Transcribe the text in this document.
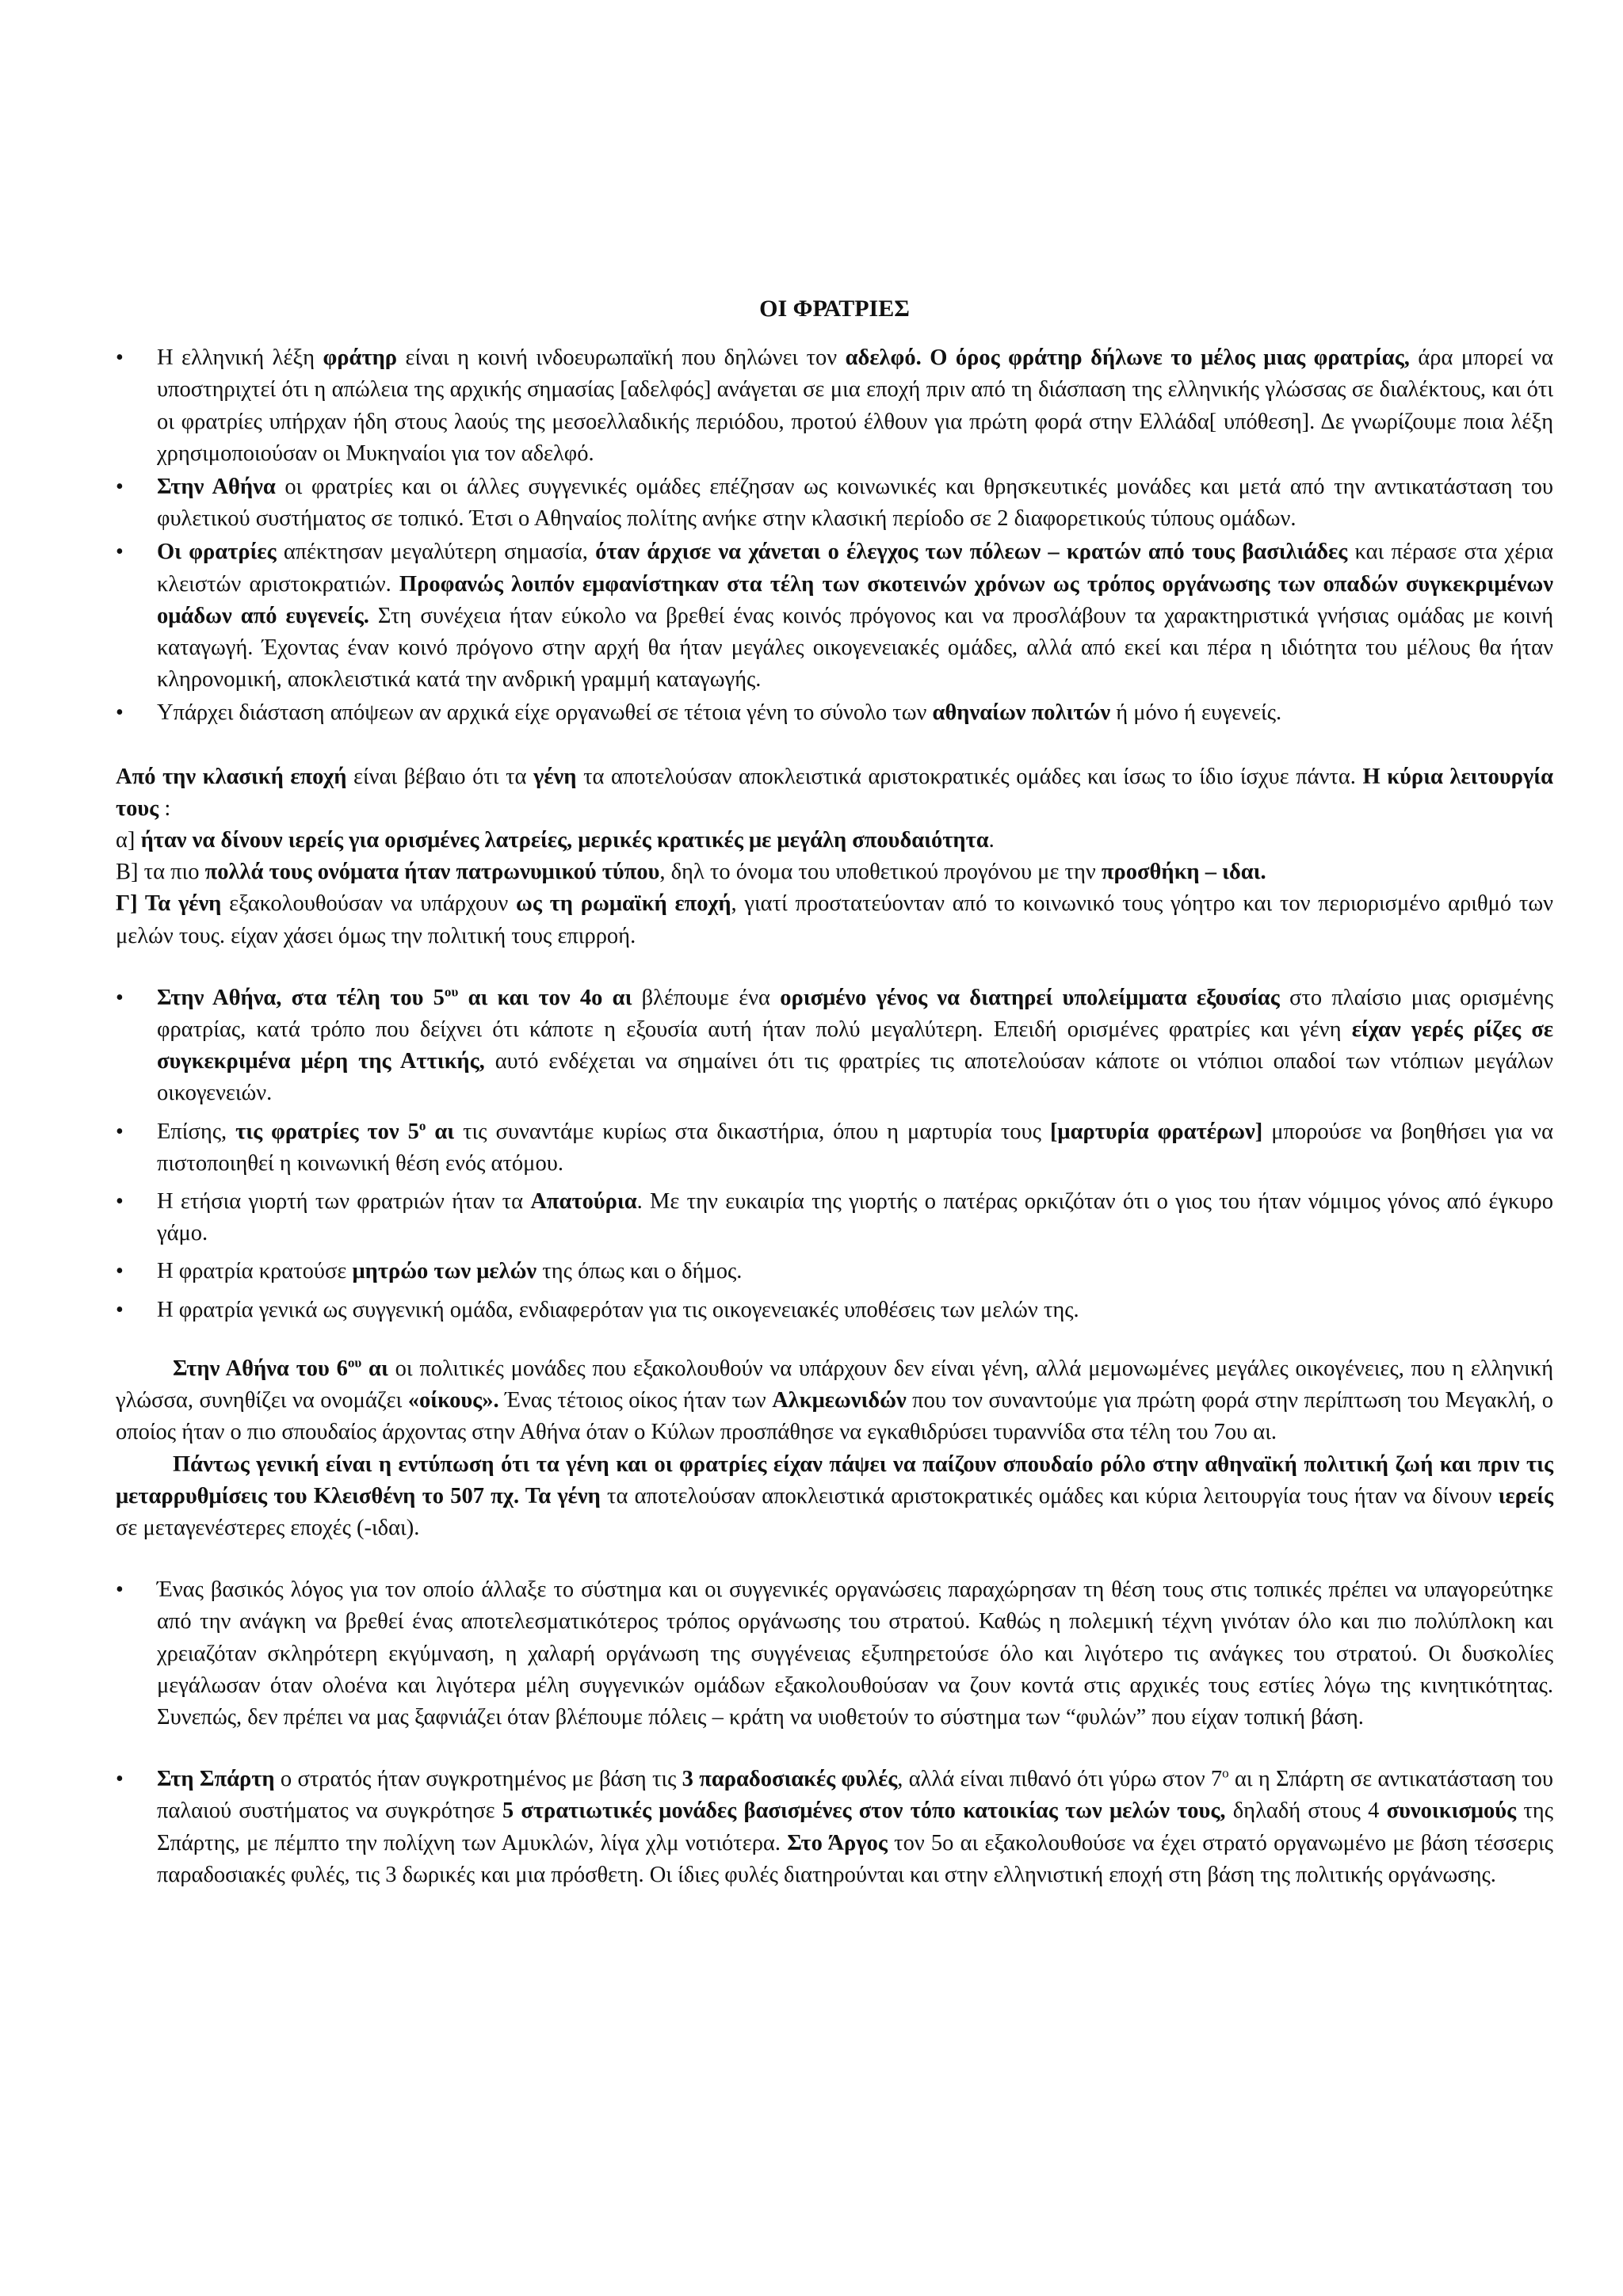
ΟΙ ΦΡΑΤΡΙΕΣ
• Η ελληνική λέξη φράτηρ είναι η κοινή ινδοευρωπαϊκή που δηλώνει τον αδελφό. Ο όρος φράτηρ δήλωνε το μέλος μιας φρατρίας, άρα μπορεί να υποστηριχτεί ότι η απώλεια της αρχικής σημασίας [αδελφός] ανάγεται σε μια εποχή πριν από τη διάσπαση της ελληνικής γλώσσας σε διαλέκτους, και ότι οι φρατρίες υπήρχαν ήδη στους λαούς της μεσοελλαδικής περιόδου, προτού έλθουν για πρώτη φορά στην Ελλάδα[ υπόθεση]. Δε γνωρίζουμε ποια λέξη χρησιμοποιούσαν οι Μυκηναίοι για τον αδελφό.
• Στην Αθήνα οι φρατρίες και οι άλλες συγγενικές ομάδες επέζησαν ως κοινωνικές και θρησκευτικές μονάδες και μετά από την αντικατάσταση του φυλετικού συστήματος σε τοπικό. Έτσι ο Αθηναίος πολίτης ανήκε στην κλασική περίοδο σε 2 διαφορετικούς τύπους ομάδων.
• Οι φρατρίες απέκτησαν μεγαλύτερη σημασία, όταν άρχισε να χάνεται ο έλεγχος των πόλεων – κρατών από τους βασιλιάδες και πέρασε στα χέρια κλειστών αριστοκρατιών. Προφανώς λοιπόν εμφανίστηκαν στα τέλη των σκοτεινών χρόνων ως τρόπος οργάνωσης των οπαδών συγκεκριμένων ομάδων από ευγενείς. Στη συνέχεια ήταν εύκολο να βρεθεί ένας κοινός πρόγονος και να προσλάβουν τα χαρακτηριστικά γνήσιας ομάδας με κοινή καταγωγή. Έχοντας έναν κοινό πρόγονο στην αρχή θα ήταν μεγάλες οικογενειακές ομάδες, αλλά από εκεί και πέρα η ιδιότητα του μέλους θα ήταν κληρονομική, αποκλειστικά κατά την ανδρική γραμμή καταγωγής.
• Υπάρχει διάσταση απόψεων αν αρχικά είχε οργανωθεί σε τέτοια γένη το σύνολο των αθηναίων πολιτών ή μόνο ή ευγενείς.
Από την κλασική εποχή είναι βέβαιο ότι τα γένη τα αποτελούσαν αποκλειστικά αριστοκρατικές ομάδες και ίσως το ίδιο ίσχυε πάντα. Η κύρια λειτουργία τους :
α] ήταν να δίνουν ιερείς για ορισμένες λατρείες, μερικές κρατικές με μεγάλη σπουδαιότητα.
Β] τα πιο πολλά τους ονόματα ήταν πατρωνυμικού τύπου, δηλ το όνομα του υποθετικού προγόνου με την προσθήκη – ιδαι.
Γ] Τα γένη εξακολουθούσαν να υπάρχουν ως τη ρωμαϊκή εποχή, γιατί προστατεύονταν από το κοινωνικό τους γόητρο και τον περιορισμένο αριθμό των μελών τους. είχαν χάσει όμως την πολιτική τους επιρροή.
• Στην Αθήνα, στα τέλη του $5^{o\upsilon}$ αι και τον 4ο αι βλέπουμε ένα ορισμένο γένος να διατηρεί υπολείμματα εξουσίας στο πλαίσιο μιας ορισμένης φρατρίας, κατά τρόπο που δείχνει ότι κάποτε η εξουσία αυτή ήταν πολύ μεγαλύτερη. Επειδή ορισμένες φρατρίες και γένη είχαν γερές ρίζες σε συγκεκριμένα μέρη της Αττικής, αυτό ενδέχεται να σημαίνει ότι τις φρατρίες τις αποτελούσαν κάποτε οι ντόπιοι οπαδοί των ντόπιων μεγάλων οικογενειών.
• Επίσης, τις φρατρίες τον $5^o$ αι τις συναντάμε κυρίως στα δικαστήρια, όπου η μαρτυρία τους [μαρτυρία φρατέρων] μπορούσε να βοηθήσει για να πιστοποιηθεί η κοινωνική θέση ενός ατόμου.
• Η ετήσια γιορτή των φρατριών ήταν τα Απατούρια. Με την ευκαιρία της γιορτής ο πατέρας ορκιζόταν ότι ο γιος του ήταν νόμιμος γόνος από έγκυρο γάμο.
• Η φρατρία κρατούσε μητρώο των μελών της όπως και ο δήμος.
• Η φρατρία γενικά ως συγγενική ομάδα, ενδιαφερόταν για τις οικογενειακές υποθέσεις των μελών της.
Στην Αθήνα του $6^{o\upsilon}$ αι οι πολιτικές μονάδες που εξακολουθούν να υπάρχουν δεν είναι γένη, αλλά μεμονωμένες μεγάλες οικογένειες, που η ελληνική γλώσσα, συνηθίζει να ονομάζει «οίκους». Ένας τέτοιος οίκος ήταν των Αλκμεωνιδών που τον συναντούμε για πρώτη φορά στην περίπτωση του Μεγακλή, ο οποίος ήταν ο πιο σπουδαίος άρχοντας στην Αθήνα όταν ο Κύλων προσπάθησε να εγκαθιδρύσει τυραννίδα στα τέλη του 7ου αι.
Πάντως γενική είναι η εντύπωση ότι τα γένη και οι φρατρίες είχαν πάψει να παίζουν σπουδαίο ρόλο στην αθηναϊκή πολιτική ζωή και πριν τις μεταρρυθμίσεις του Κλεισθένη το 507 πχ. Τα γένη τα αποτελούσαν αποκλειστικά αριστοκρατικές ομάδες και κύρια λειτουργία τους ήταν να δίνουν ιερείς σε μεταγενέστερες εποχές (-ιδαι).
• Ένας βασικός λόγος για τον οποίο άλλαξε το σύστημα και οι συγγενικές οργανώσεις παραχώρησαν τη θέση τους στις τοπικές πρέπει να υπαγορεύτηκε από την ανάγκη να βρεθεί ένας αποτελεσματικότερος τρόπος οργάνωσης του στρατού. Καθώς η πολεμική τέχνη γινόταν όλο και πιο πολύπλοκη και χρειαζόταν σκληρότερη εκγύμναση, η χαλαρή οργάνωση της συγγένειας εξυπηρετούσε όλο και λιγότερο τις ανάγκες του στρατού. Οι δυσκολίες μεγάλωσαν όταν ολοένα και λιγότερα μέλη συγγενικών ομάδων εξακολουθούσαν να ζουν κοντά στις αρχικές τους εστίες λόγω της κινητικότητας. Συνεπώς, δεν πρέπει να μας ξαφνιάζει όταν βλέπουμε πόλεις – κράτη να υιοθετούν το σύστημα των “φυλών” που είχαν τοπική βάση.
• Στη Σπάρτη ο στρατός ήταν συγκροτημένος με βάση τις 3 παραδοσιακές φυλές, αλλά είναι πιθανό ότι γύρω στον $7^o$ αι η Σπάρτη σε αντικατάσταση του παλαιού συστήματος να συγκρότησε 5 στρατιωτικές μονάδες βασισμένες στον τόπο κατοικίας των μελών τους, δηλαδή στους 4 συνοικισμούς της Σπάρτης, με πέμπτο την πολίχνη των Αμυκλών, λίγα χλμ νοτιότερα. Στο Άργος τον 5ο αι εξακολουθούσε να έχει στρατό οργανωμένο με βάση τέσσερις παραδοσιακές φυλές, τις 3 δωρικές και μια πρόσθετη. Οι ίδιες φυλές διατηρούνται και στην ελληνιστική εποχή στη βάση της πολιτικής οργάνωσης.
